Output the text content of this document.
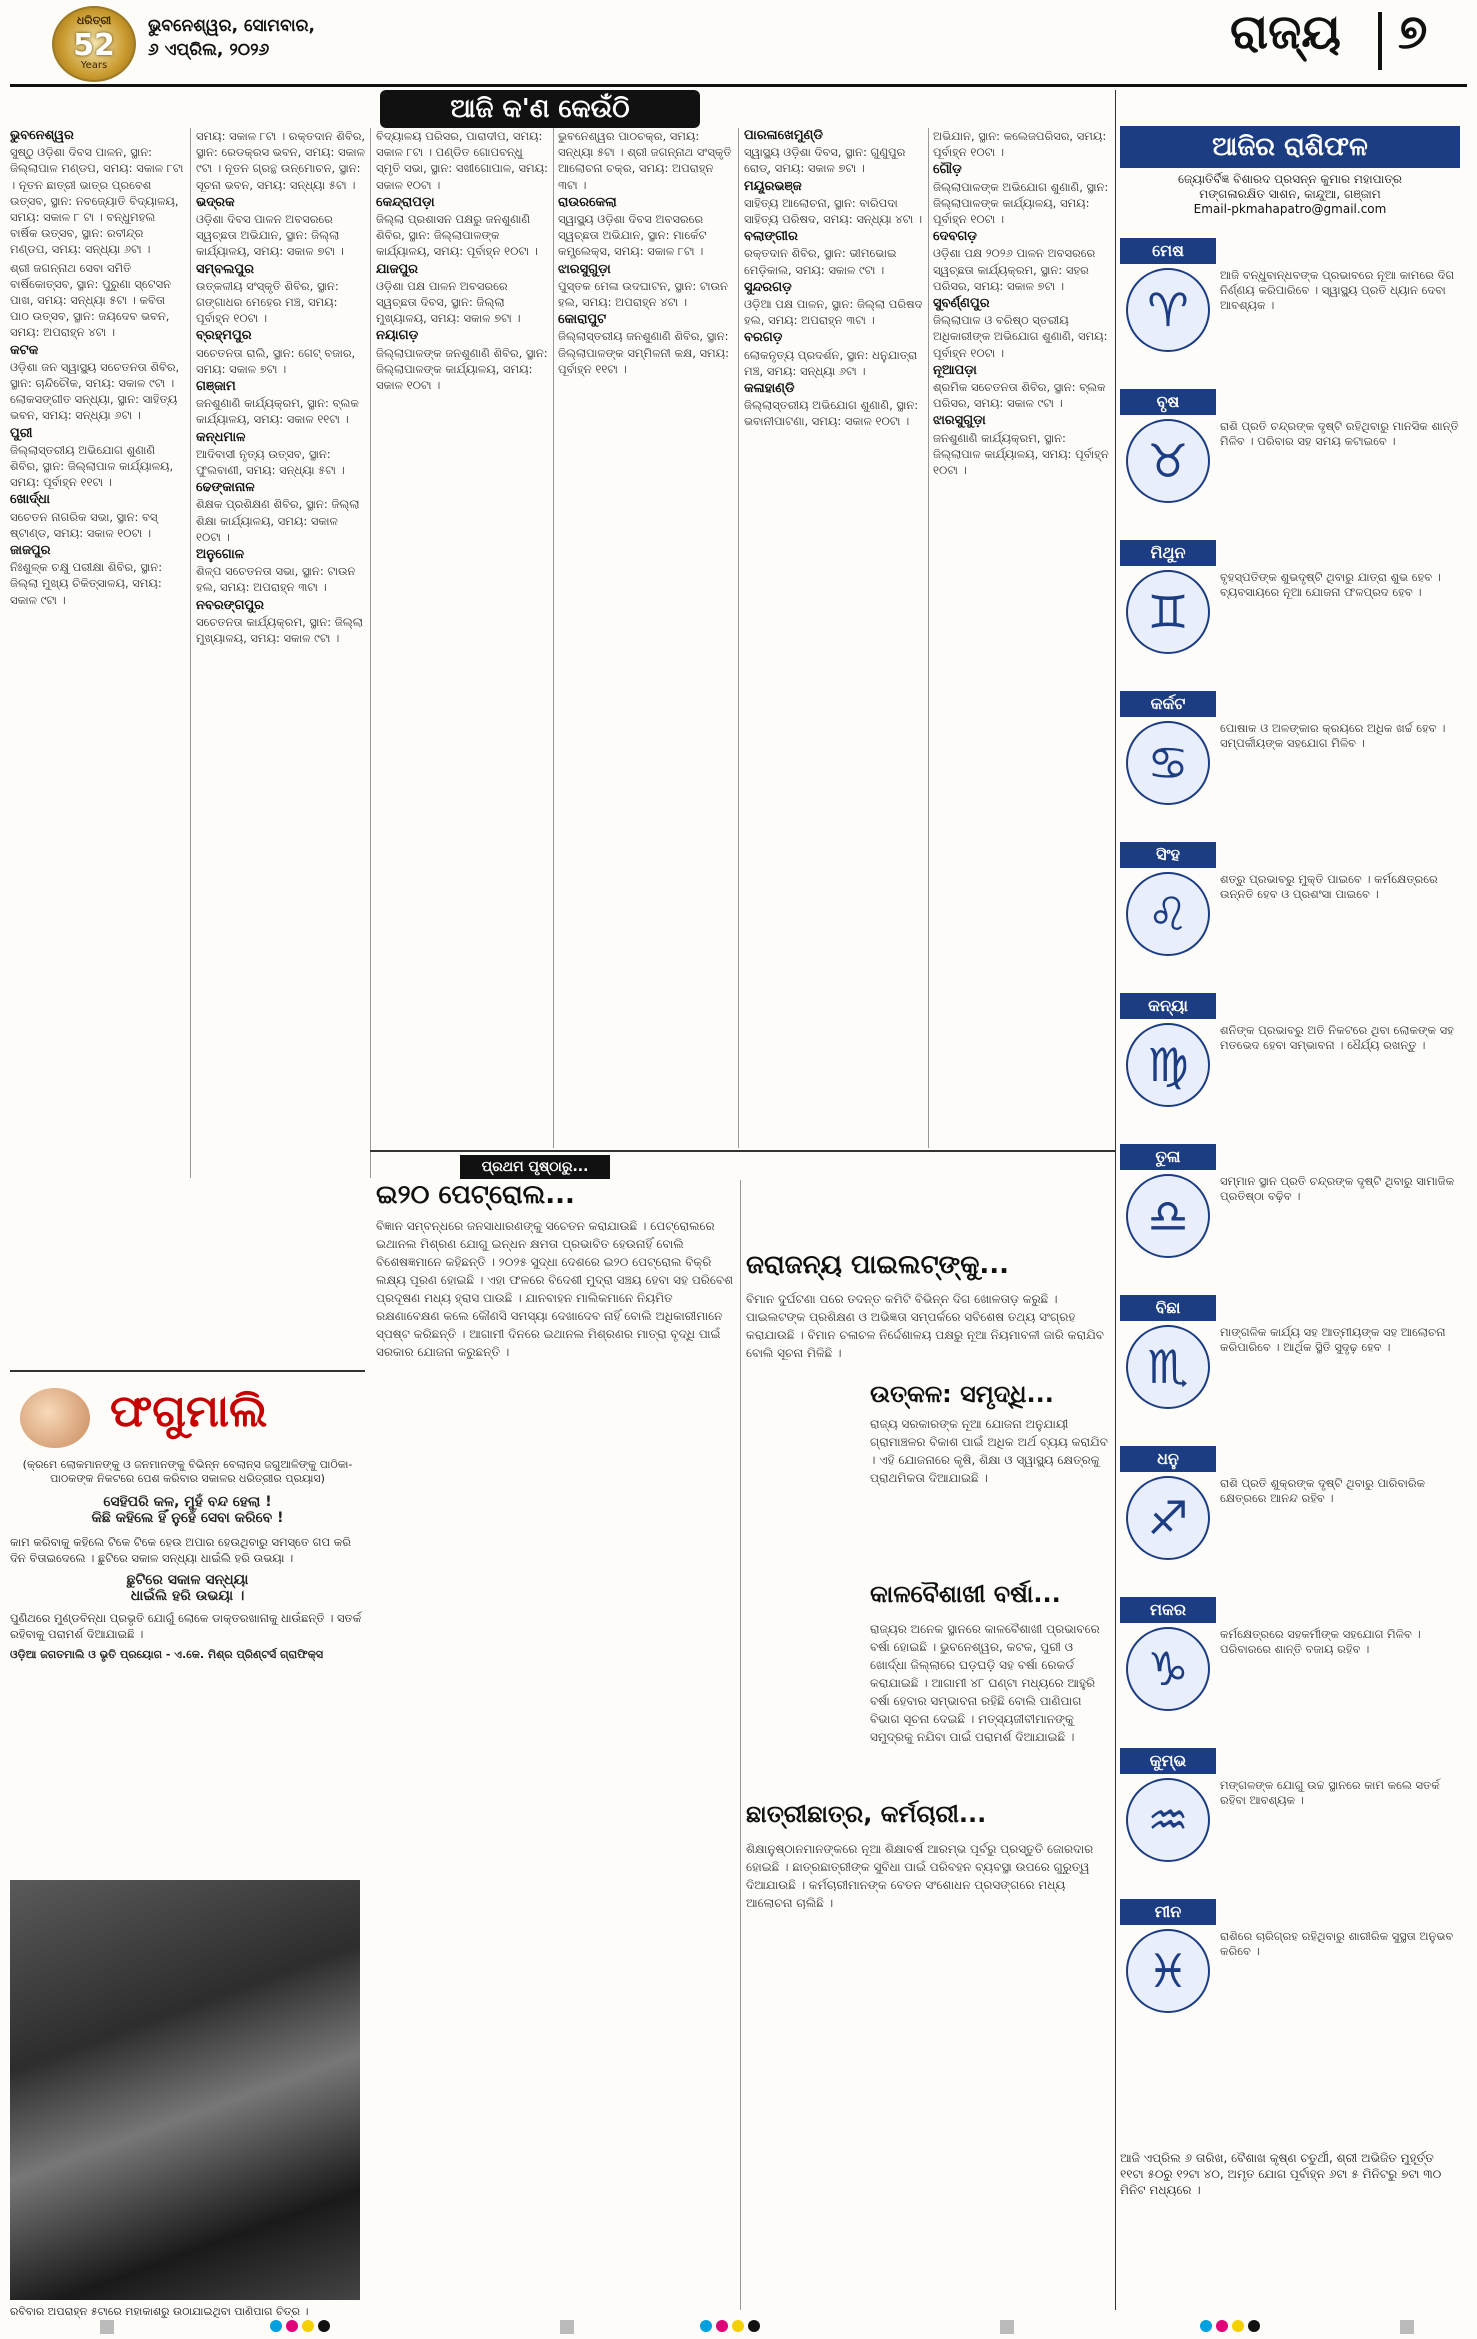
ଧରିତ୍ରୀ
52
Years
ଭୁବନେଶ୍ୱର, ସୋମବାର,
୬ ଏପ୍ରିଲ, ୨୦୨୬	ରାଜ୍ୟ ୭
ଆଜି କ'ଣ କେଉଁଠି

ଭୁବନେଶ୍ୱର
ସୁଷ୍ଠୁ ଓଡ଼ିଶା ଦିବସ ପାଳନ, ସ୍ଥାନ: ଜିଲ୍ଲାପାଳ ମଣ୍ଡପ, ସମୟ: ସକାଳ ୮ଟା । ନୂତନ ଛାତ୍ରୀ ଭାତ୍ର ପ୍ରବେଶ ଉତ୍ସବ, ସ୍ଥାନ: ନବଜ୍ୟୋତି ବିଦ୍ୟାଳୟ, ସମୟ: ସକାଳ ୮ ଟା । ବନ୍ଧୁମହଲ ବାର୍ଷିକ ଉତ୍ସବ, ସ୍ଥାନ: ରବୀନ୍ଦ୍ର ମଣ୍ଡପ, ସମୟ: ସନ୍ଧ୍ୟା ୬ଟା ।

ଶ୍ରୀ ଜଗନ୍ନାଥ ସେବା ସମିତି ବାର୍ଷିକୋତ୍ସବ, ସ୍ଥାନ: ପୁରୁଣା ସ୍ଟେସନ ପାଖ, ସମୟ: ସନ୍ଧ୍ୟା ୫ଟା । କବିତା ପାଠ ଉତ୍ସବ, ସ୍ଥାନ: ଜୟଦେବ ଭବନ, ସମୟ: ଅପରାହ୍ନ ୪ଟା ।

କଟକ
ଓଡ଼ିଶା ଜନ ସ୍ୱାସ୍ଥ୍ୟ ସଚେତନତା ଶିବିର, ସ୍ଥାନ: ଚାନ୍ଦିଚୌକ, ସମୟ: ସକାଳ ୯ଟା । ଲୋକସଙ୍ଗୀତ ସନ୍ଧ୍ୟା, ସ୍ଥାନ: ସାହିତ୍ୟ ଭବନ, ସମୟ: ସନ୍ଧ୍ୟା ୬ଟା ।

ପୁରୀ
ଜିଲ୍ଲାସ୍ତରୀୟ ଅଭିଯୋଗ ଶୁଣାଣି ଶିବିର, ସ୍ଥାନ: ଜିଲ୍ଲାପାଳ କାର୍ଯ୍ୟାଳୟ, ସମୟ: ପୂର୍ବାହ୍ନ ୧୧ଟା ।

ଖୋର୍ଦ୍ଧା
ସଚେତନ ନାଗରିକ ସଭା, ସ୍ଥାନ: ବସ୍ ଷ୍ଟାଣ୍ଡ, ସମୟ: ସକାଳ ୧୦ଟା ।

ଜାଜପୁର
ନିଃଶୁଳ୍କ ଚକ୍ଷୁ ପରୀକ୍ଷା ଶିବିର, ସ୍ଥାନ: ଜିଲ୍ଲା ମୁଖ୍ୟ ଚିକିତ୍ସାଳୟ, ସମୟ: ସକାଳ ୯ଟା ।

ସମୟ: ସକାଳ ୮ଟା । ରକ୍ତଦାନ ଶିବିର, ସ୍ଥାନ: ରେଡକ୍ରସ ଭବନ, ସମୟ: ସକାଳ ୯ଟା । ନୂତନ ଗ୍ରନ୍ଥ ଉନ୍ମୋଚନ, ସ୍ଥାନ: ସୂଚନା ଭବନ, ସମୟ: ସନ୍ଧ୍ୟା ୫ଟା ।

ଭଦ୍ରକ
ଓଡ଼ିଶା ଦିବସ ପାଳନ ଅବସରରେ ସ୍ୱଚ୍ଛତା ଅଭିଯାନ, ସ୍ଥାନ: ଜିଲ୍ଲା କାର୍ଯ୍ୟାଳୟ, ସମୟ: ସକାଳ ୭ଟା ।

ସମ୍ବଲପୁର
ଉତ୍କଳୀୟ ସଂସ୍କୃତି ଶିବିର, ସ୍ଥାନ: ଗଙ୍ଗାଧର ମେହେର ମଞ୍ଚ, ସମୟ: ପୂର୍ବାହ୍ନ ୧୦ଟା ।

ବ୍ରହ୍ମପୁର
ସଚେତନତା ରାଲି, ସ୍ଥାନ: ଗେଟ୍ ବଜାର, ସମୟ: ସକାଳ ୭ଟା ।

ଗଞ୍ଜାମ
ଜନଶୁଣାଣି କାର୍ଯ୍ୟକ୍ରମ, ସ୍ଥାନ: ବ୍ଲକ କାର୍ଯ୍ୟାଳୟ, ସମୟ: ସକାଳ ୧୧ଟା ।

କନ୍ଧମାଳ
ଆଦିବାସୀ ନୃତ୍ୟ ଉତ୍ସବ, ସ୍ଥାନ: ଫୁଲବାଣୀ, ସମୟ: ସନ୍ଧ୍ୟା ୫ଟା ।

ଢେଙ୍କାନାଳ
ଶିକ୍ଷକ ପ୍ରଶିକ୍ଷଣ ଶିବିର, ସ୍ଥାନ: ଜିଲ୍ଲା ଶିକ୍ଷା କାର୍ଯ୍ୟାଳୟ, ସମୟ: ସକାଳ ୧୦ଟା ।

ଅନୁଗୋଳ
ଶିଳ୍ପ ସଚେତନତା ସଭା, ସ୍ଥାନ: ଟାଉନ ହଲ, ସମୟ: ଅପରାହ୍ନ ୩ଟା ।

ନବରଙ୍ଗପୁର
ସଚେତନତା କାର୍ଯ୍ୟକ୍ରମ, ସ୍ଥାନ: ଜିଲ୍ଲା ମୁଖ୍ୟାଳୟ, ସମୟ: ସକାଳ ୯ଟା ।

ବିଦ୍ୟାଳୟ ପରିସର, ପାରାଦୀପ, ସମୟ: ସକାଳ ୮ଟା । ପଣ୍ଡିତ ଗୋପବନ୍ଧୁ ସ୍ମୃତି ସଭା, ସ୍ଥାନ: ସଖୀଗୋପାଳ, ସମୟ: ସକାଳ ୧୦ଟା ।

କେନ୍ଦ୍ରାପଡ଼ା
ଜିଲ୍ଲା ପ୍ରଶାସନ ପକ୍ଷରୁ ଜନଶୁଣାଣି ଶିବିର, ସ୍ଥାନ: ଜିଲ୍ଲାପାଳଙ୍କ କାର୍ଯ୍ୟାଳୟ, ସମୟ: ପୂର୍ବାହ୍ନ ୧୦ଟା ।

ଯାଜପୁର
ଓଡ଼ିଶା ପକ୍ଷ ପାଳନ ଅବସରରେ ସ୍ୱଚ୍ଛତା ଦିବସ, ସ୍ଥାନ: ଜିଲ୍ଲା ମୁଖ୍ୟାଳୟ, ସମୟ: ସକାଳ ୭ଟା ।

ନୟାଗଡ଼
ଜିଲ୍ଲାପାଳଙ୍କ ଜନଶୁଣାଣି ଶିବିର, ସ୍ଥାନ: ଜିଲ୍ଲାପାଳଙ୍କ କାର୍ଯ୍ୟାଳୟ, ସମୟ: ସକାଳ ୧୦ଟା ।

ଭୁବନେଶ୍ୱର ପାଠଚକ୍ର, ସମୟ: ସନ୍ଧ୍ୟା ୫ଟା । ଶ୍ରୀ ଜଗନ୍ନାଥ ସଂସ୍କୃତି ଆଲୋଚନା ଚକ୍ର, ସମୟ: ଅପରାହ୍ନ ୩ଟା ।

ରାଉରକେଲା
ସ୍ୱାସ୍ଥ୍ୟ ଓଡ଼ିଶା ଦିବସ ଅବସରରେ ସ୍ୱଚ୍ଛତା ଅଭିଯାନ, ସ୍ଥାନ: ମାର୍କେଟ କମ୍ପ୍ଲେକ୍ସ, ସମୟ: ସକାଳ ୮ଟା ।

ଝାରସୁଗୁଡ଼ା
ପୁସ୍ତକ ମେଳା ଉଦଘାଟନ, ସ୍ଥାନ: ଟାଉନ ହଲ, ସମୟ: ଅପରାହ୍ନ ୪ଟା ।

କୋରାପୁଟ
ଜିଲ୍ଲାସ୍ତରୀୟ ଜନଶୁଣାଣି ଶିବିର, ସ୍ଥାନ: ଜିଲ୍ଲାପାଳଙ୍କ ସମ୍ମିଳନୀ କକ୍ଷ, ସମୟ: ପୂର୍ବାହ୍ନ ୧୧ଟା ।

ପାରଳାଖେମୁଣ୍ଡି
ସ୍ୱାସ୍ଥ୍ୟ ଓଡ଼ିଶା ଦିବସ, ସ୍ଥାନ: ଗୁଣୁପୁର ରୋଡ୍, ସମୟ: ସକାଳ ୭ଟା ।

ମୟୂରଭଞ୍ଜ
ସାହିତ୍ୟ ଆଲୋଚନା, ସ୍ଥାନ: ବାରିପଦା ସାହିତ୍ୟ ପରିଷଦ, ସମୟ: ସନ୍ଧ୍ୟା ୪ଟା ।

ବଲାଙ୍ଗୀର
ରକ୍ତଦାନ ଶିବିର, ସ୍ଥାନ: ଭୀମଭୋଇ ମେଡ଼ିକାଲ, ସମୟ: ସକାଳ ୯ଟା ।

ସୁନ୍ଦରଗଡ଼
ଓଡ଼ିଆ ପକ୍ଷ ପାଳନ, ସ୍ଥାନ: ଜିଲ୍ଲା ପରିଷଦ ହଲ, ସମୟ: ଅପରାହ୍ନ ୩ଟା ।

ବରଗଡ଼
ଲୋକନୃତ୍ୟ ପ୍ରଦର୍ଶନ, ସ୍ଥାନ: ଧନୁଯାତ୍ରା ମଞ୍ଚ, ସମୟ: ସନ୍ଧ୍ୟା ୬ଟା ।

କଳାହାଣ୍ଡି
ଜିଲ୍ଲାସ୍ତରୀୟ ଅଭିଯୋଗ ଶୁଣାଣି, ସ୍ଥାନ: ଭବାନୀପାଟଣା, ସମୟ: ସକାଳ ୧୦ଟା ।

ଅଭିଯାନ, ସ୍ଥାନ: କଲେଜପରିସର, ସମୟ: ପୂର୍ବାହ୍ନ ୧୦ଟା ।

ଗୌଡ଼
ଜିଲ୍ଲାପାଳଙ୍କ ଅଭିଯୋଗ ଶୁଣାଣି, ସ୍ଥାନ: ଜିଲ୍ଲାପାଳଙ୍କ କାର୍ଯ୍ୟାଳୟ, ସମୟ: ପୂର୍ବାହ୍ନ ୧୦ଟା ।

ଦେବଗଡ଼
ଓଡ଼ିଶା ପକ୍ଷ ୨୦୨୬ ପାଳନ ଅବସରରେ ସ୍ୱଚ୍ଛତା କାର୍ଯ୍ୟକ୍ରମ, ସ୍ଥାନ: ସହର ପରିସର, ସମୟ: ସକାଳ ୭ଟା ।

ସୁବର୍ଣ୍ଣପୁର
ଜିଲ୍ଲାପାଳ ଓ ବରିଷ୍ଠ ସ୍ତରୀୟ ଅଧିକାରୀଙ୍କ ଅଭିଯୋଗ ଶୁଣାଣି, ସମୟ: ପୂର୍ବାହ୍ନ ୧୦ଟା ।

ନୂଆପଡ଼ା
ଶ୍ରମିକ ସଚେତନତା ଶିବିର, ସ୍ଥାନ: ବ୍ଲକ ପରିସର, ସମୟ: ସକାଳ ୯ଟା ।

ଝାରସୁଗୁଡ଼ା
ଜନଶୁଣାଣି କାର୍ଯ୍ୟକ୍ରମ, ସ୍ଥାନ: ଜିଲ୍ଲାପାଳ କାର୍ଯ୍ୟାଳୟ, ସମୟ: ପୂର୍ବାହ୍ନ ୧୦ଟା ।

ପ୍ରଥମ ପୃଷ୍ଠାରୁ...
ଇ୨୦ ପେଟ୍ରୋଲ...
ବିଜ୍ଞାନ ସମ୍ବନ୍ଧରେ ଜନସାଧାରଣଙ୍କୁ ସଚେତନ କରାଯାଉଛି । ପେଟ୍ରୋଲରେ ଇଥାନଲ ମିଶ୍ରଣ ଯୋଗୁ ଇନ୍ଧନ କ୍ଷମତା ପ୍ରଭାବିତ ହେଉନାହିଁ ବୋଲି ବିଶେଷଜ୍ଞମାନେ କହିଛନ୍ତି । ୨୦୨୫ ସୁଦ୍ଧା ଦେଶରେ ଇ୨୦ ପେଟ୍ରୋଲ ବିକ୍ରି ଲକ୍ଷ୍ୟ ପୂରଣ ହୋଇଛି । ଏହା ଫଳରେ ବିଦେଶୀ ମୁଦ୍ରା ସଞ୍ଚୟ ହେବା ସହ ପରିବେଶ ପ୍ରଦୂଷଣ ମଧ୍ୟ ହ୍ରାସ ପାଉଛି । ଯାନବାହନ ମାଲିକମାନେ ନିୟମିତ ରକ୍ଷଣାବେକ୍ଷଣ କଲେ କୌଣସି ସମସ୍ୟା ଦେଖାଦେବ ନାହିଁ ବୋଲି ଅଧିକାରୀମାନେ ସ୍ପଷ୍ଟ କରିଛନ୍ତି । ଆଗାମୀ ଦିନରେ ଇଥାନଲ ମିଶ୍ରଣର ମାତ୍ରା ବୃଦ୍ଧି ପାଇଁ ସରକାର ଯୋଜନା କରୁଛନ୍ତି ।
ଜରାଜନ୍ୟ ପାଇଲଟ୍‌ଙ୍କୁ...
ବିମାନ ଦୁର୍ଘଟଣା ପରେ ତଦନ୍ତ କମିଟି ବିଭିନ୍ନ ଦିଗ ଖୋଳତାଡ଼ କରୁଛି । ପାଇଲଟଙ୍କ ପ୍ରଶିକ୍ଷଣ ଓ ଅଭିଜ୍ଞତା ସମ୍ପର୍କରେ ସବିଶେଷ ତଥ୍ୟ ସଂଗ୍ରହ କରାଯାଉଛି । ବିମାନ ଚଳାଚଳ ନିର୍ଦ୍ଦେଶାଳୟ ପକ୍ଷରୁ ନୂଆ ନିୟମାବଳୀ ଜାରି କରାଯିବ ବୋଲି ସୂଚନା ମିଳିଛି ।
ଉତ୍କଳ: ସମୃଦ୍ଧି...
ରାଜ୍ୟ ସରକାରଙ୍କ ନୂଆ ଯୋଜନା ଅନୁଯାୟୀ ଗ୍ରାମାଞ୍ଚଳର ବିକାଶ ପାଇଁ ଅଧିକ ଅର୍ଥ ବ୍ୟୟ କରାଯିବ । ଏହି ଯୋଜନାରେ କୃଷି, ଶିକ୍ଷା ଓ ସ୍ୱାସ୍ଥ୍ୟ କ୍ଷେତ୍ରକୁ ପ୍ରାଥମିକତା ଦିଆଯାଇଛି ।
କାଳବୈଶାଖୀ ବର୍ଷା...
ରାଜ୍ୟର ଅନେକ ସ୍ଥାନରେ କାଳବୈଶାଖୀ ପ୍ରଭାବରେ ବର୍ଷା ହୋଇଛି । ଭୁବନେଶ୍ୱର, କଟକ, ପୁରୀ ଓ ଖୋର୍ଦ୍ଧା ଜିଲ୍ଲାରେ ଘଡ଼ଘଡ଼ି ସହ ବର୍ଷା ରେକର୍ଡ କରାଯାଇଛି । ଆଗାମୀ ୪୮ ଘଣ୍ଟା ମଧ୍ୟରେ ଆହୁରି ବର୍ଷା ହେବାର ସମ୍ଭାବନା ରହିଛି ବୋଲି ପାଣିପାଗ ବିଭାଗ ସୂଚନା ଦେଇଛି । ମତ୍ସ୍ୟଜୀବୀମାନଙ୍କୁ ସମୁଦ୍ରକୁ ନଯିବା ପାଇଁ ପରାମର୍ଶ ଦିଆଯାଇଛି ।
ଛାତ୍ରୀଛାତ୍ର, କର୍ମଚାରୀ...
ଶିକ୍ଷାନୁଷ୍ଠାନମାନଙ୍କରେ ନୂଆ ଶିକ୍ଷାବର୍ଷ ଆରମ୍ଭ ପୂର୍ବରୁ ପ୍ରସ୍ତୁତି ଜୋରଦାର ହୋଇଛି । ଛାତ୍ରଛାତ୍ରୀଙ୍କ ସୁବିଧା ପାଇଁ ପରିବହନ ବ୍ୟବସ୍ଥା ଉପରେ ଗୁରୁତ୍ୱ ଦିଆଯାଉଛି । କର୍ମଚାରୀମାନଙ୍କ ବେତନ ସଂଶୋଧନ ପ୍ରସଙ୍ଗରେ ମଧ୍ୟ ଆଲୋଚନା ଚାଲିଛି ।
ଫଗୁମାଲି
(କ୍ରମେ ଲୋକମାନଙ୍କୁ ଓ ଜନମାନଙ୍କୁ ବିଭିନ୍ନ ବେଲାନ୍ସ ଜଗୁଆଳିଙ୍କୁ ପାଠିକା-ପାଠକଙ୍କ ନିକଟରେ ପେଶ କରିବାର ସକାଳର ଧରିତ୍ରୀର ପ୍ରୟାସ)
ସେହିପରି କଳ, ମୁହଁ ବନ୍ଦ ହେଲା !
କିଛି କହିଲେ ହିଁ ନୁହେଁ ସେବା କରିବେ !
କାମ କରିବାକୁ କହିଲେ ଟିକେ ଟିକେ ହେଉ ଅପାର ହେଉଥିବାରୁ ସମସ୍ତେ ଗପ କରି ଦିନ ବିତାଇଦେଲେ । ଛୁଟିରେ ସକାଳ ସନ୍ଧ୍ୟା ଧାଇଁଲି ହରି ଉଭୟା ।
ଛୁଟିରେ ସକାଳ ସନ୍ଧ୍ୟା
ଧାଇଁଲି ହରି ଉଭୟା ।
ପୁଣିଥରେ ମୁଣ୍ଡବିନ୍ଧା ପ୍ରଭୃତି ଯୋଗୁଁ ଲୋକେ ଡାକ୍ତରଖାନାକୁ ଧାଉଁଛନ୍ତି । ସତର୍କ ରହିବାକୁ ପରାମର୍ଶ ଦିଆଯାଇଛି ।
ଓଡ଼ିଆ ଜଗତମାଲି ଓ ଭୃତି ପ୍ରୟୋଗ - ଏ.କେ. ମିଶ୍ର ପ୍ରିଣ୍ଟର୍ସ ଗ୍ରାଫିକ୍ସ
ରବିବାର ଅପରାହ୍ନ ୫ଟାରେ ମହାକାଶରୁ ଉଠାଯାଇଥିବା ପାଣିପାଗ ଚିତ୍ର ।
ଆଜିର ରାଶିଫଳ
ଜ୍ୟୋତିର୍ବିଜ୍ଞ ବିଶାରଦ ପ୍ରସନ୍ନ କୁମାର ମହାପାତ୍ର
ମଙ୍ଗଳାରକ୍ଷିତ ସାଶନ, କାନ୍ଦୁଆ, ଗଞ୍ଜାମ
Email-pkmahapatro@gmail.com
ମେଷ
♈
ଆଜି ବନ୍ଧୁବାନ୍ଧବଙ୍କ ପ୍ରଭାବରେ ନୂଆ କାମରେ ଦିଗ ନିର୍ଣ୍ଣୟ କରିପାରିବେ । ସ୍ୱାସ୍ଥ୍ୟ ପ୍ରତି ଧ୍ୟାନ ଦେବା ଆବଶ୍ୟକ ।
ବୃଷ
♉
ରାଶି ପ୍ରତି ଚନ୍ଦ୍ରଙ୍କ ଦୃଷ୍ଟି ରହିଥିବାରୁ ମାନସିକ ଶାନ୍ତି ମିଳିବ । ପରିବାର ସହ ସମୟ କଟାଇବେ ।
ମିଥୁନ
♊
ବୃହସ୍ପତିଙ୍କ ଶୁଭଦୃଷ୍ଟି ଥିବାରୁ ଯାତ୍ରା ଶୁଭ ହେବ । ବ୍ୟବସାୟରେ ନୂଆ ଯୋଜନା ଫଳପ୍ରଦ ହେବ ।
କର୍କଟ
♋
ପୋଷାକ ଓ ଅଳଙ୍କାର କ୍ରୟରେ ଅଧିକ ଖର୍ଚ୍ଚ ହେବ । ସମ୍ପର୍କୀୟଙ୍କ ସହଯୋଗ ମିଳିବ ।
ସିଂହ
♌
ଶତ୍ରୁ ପ୍ରଭାବରୁ ମୁକ୍ତି ପାଇବେ । କର୍ମକ୍ଷେତ୍ରରେ ଉନ୍ନତି ହେବ ଓ ପ୍ରଶଂସା ପାଇବେ ।
କନ୍ୟା
♍
ଶନିଙ୍କ ପ୍ରଭାବରୁ ଅତି ନିକଟରେ ଥିବା ଲୋକଙ୍କ ସହ ମତଭେଦ ହେବା ସମ୍ଭାବନା । ଧୈର୍ଯ୍ୟ ରଖନ୍ତୁ ।
ତୁଳା
♎
ସମ୍ମାନ ସ୍ଥାନ ପ୍ରତି ଚନ୍ଦ୍ରଙ୍କ ଦୃଷ୍ଟି ଥିବାରୁ ସାମାଜିକ ପ୍ରତିଷ୍ଠା ବଢ଼ିବ ।
ବିଛା
♏
ମାଙ୍ଗଳିକ କାର୍ଯ୍ୟ ସହ ଆତ୍ମୀୟଙ୍କ ସହ ଆଲୋଚନା କରିପାରିବେ । ଆର୍ଥିକ ସ୍ଥିତି ସୁଦୃଢ଼ ହେବ ।
ଧନୁ
♐
ରାଶି ପ୍ରତି ଶୁକ୍ରଙ୍କ ଦୃଷ୍ଟି ଥିବାରୁ ପାରିବାରିକ କ୍ଷେତ୍ରରେ ଆନନ୍ଦ ରହିବ ।
ମକର
♑
କର୍ମକ୍ଷେତ୍ରରେ ସହକର୍ମୀଙ୍କ ସହଯୋଗ ମିଳିବ । ପରିବାରରେ ଶାନ୍ତି ବଜାୟ ରହିବ ।
କୁମ୍ଭ
♒
ମଙ୍ଗଳଙ୍କ ଯୋଗୁ ଉଚ୍ଚ ସ୍ଥାନରେ କାମ କଲେ ସତର୍କ ରହିବା ଆବଶ୍ୟକ ।
ମୀନ
♓
ରାଶିରେ ଚାରିଗ୍ରହ ରହିଥିବାରୁ ଶାରୀରିକ ସୁସ୍ଥତା ଅନୁଭବ କରିବେ ।
ଆଜି ଏପ୍ରିଲ ୬ ତାରିଖ, ବୈଶାଖ କୃଷ୍ଣ ଚତୁର୍ଥୀ, ଶ୍ରୀ ଅଭିଜିତ ମୁହୂର୍ତ୍ତ ୧୧ଟା ୫୦ରୁ ୧୨ଟା ୪୦, ଅମୃତ ଯୋଗ ପୂର୍ବାହ୍ନ ୬ଟା ୫ ମିନିଟରୁ ୭ଟା ୩୦ ମିନିଟ ମଧ୍ୟରେ ।
